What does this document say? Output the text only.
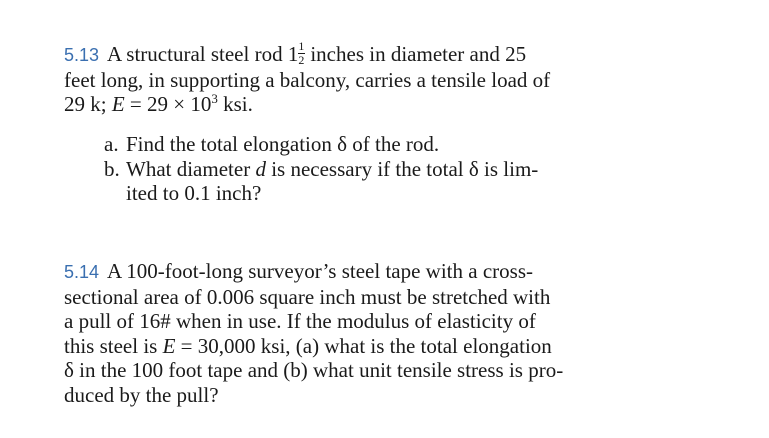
5.13 A structural steel rod $1 \frac{1}{2}$ inches in diameter and 25
feet long, in supporting a balcony, carries a tensile load of
29 k; $E = 29 \times 10^3$ ksi.
a. Find the total elongation δ of the rod.
b. What diameter d is necessary if the total δ is lim-
ited to 0.1 inch?
5.14 A 100-foot-long surveyor’s steel tape with a cross-
sectional area of 0.006 square inch must be stretched with
a pull of 16# when in use. If the modulus of elasticity of
this steel is E = 30,000 ksi, (a) what is the total elongation
δ in the 100 foot tape and (b) what unit tensile stress is pro-
duced by the pull?
